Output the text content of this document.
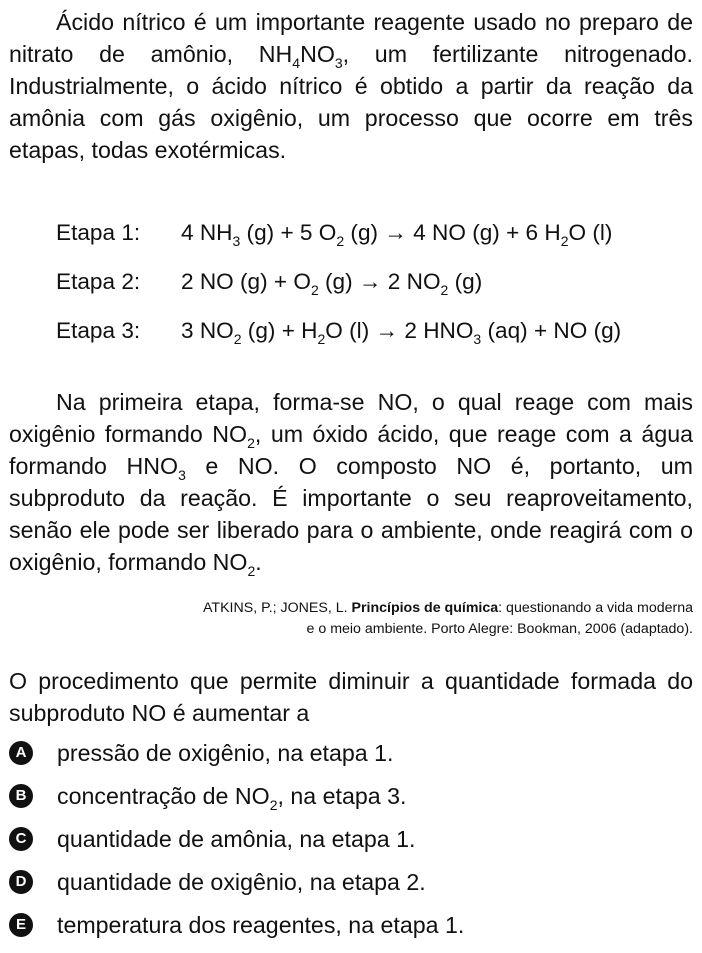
Ácido nítrico é um importante reagente usado no preparo de nitrato de amônio, $NH_4NO_3$, um fertilizante nitrogenado. Industrialmente, o ácido nítrico é obtido a partir da reação da amônia com gás oxigênio, um processo que ocorre em três etapas, todas exotérmicas.

Etapa 1: 4 $NH_3$ (g) + 5 $O_2$ (g) → 4 NO (g) + 6 $H_2O$ (l)
Etapa 2: 2 NO $(g) + O_2$ (g) → 2 $NO_2$ (g)
Etapa 3: 3 $NO_2$ $(g) + H_2O$ (l) → 2 $HNO_3$ (aq) + NO (g)

Na primeira etapa, forma-se NO, o qual reage com mais oxigênio formando $NO_2$, um óxido ácido, que reage com a água formando $HNO_3$ e NO. O composto NO é, portanto, um subproduto da reação. É importante o seu reaproveitamento, senão ele pode ser liberado para o ambiente, onde reagirá com o oxigênio, formando $NO_2$.

ATKINS, P.; JONES, L. Princípios de química: questionando a vida moderna
e o meio ambiente. Porto Alegre: Bookman, 2006 (adaptado).

O procedimento que permite diminuir a quantidade formada do subproduto NO é aumentar a

A pressão de oxigênio, na etapa 1.
B concentração de $NO_2$, na etapa 3.
C quantidade de amônia, na etapa 1.
D quantidade de oxigênio, na etapa 2.
E	temperatura dos reagentes, na etapa 1.
